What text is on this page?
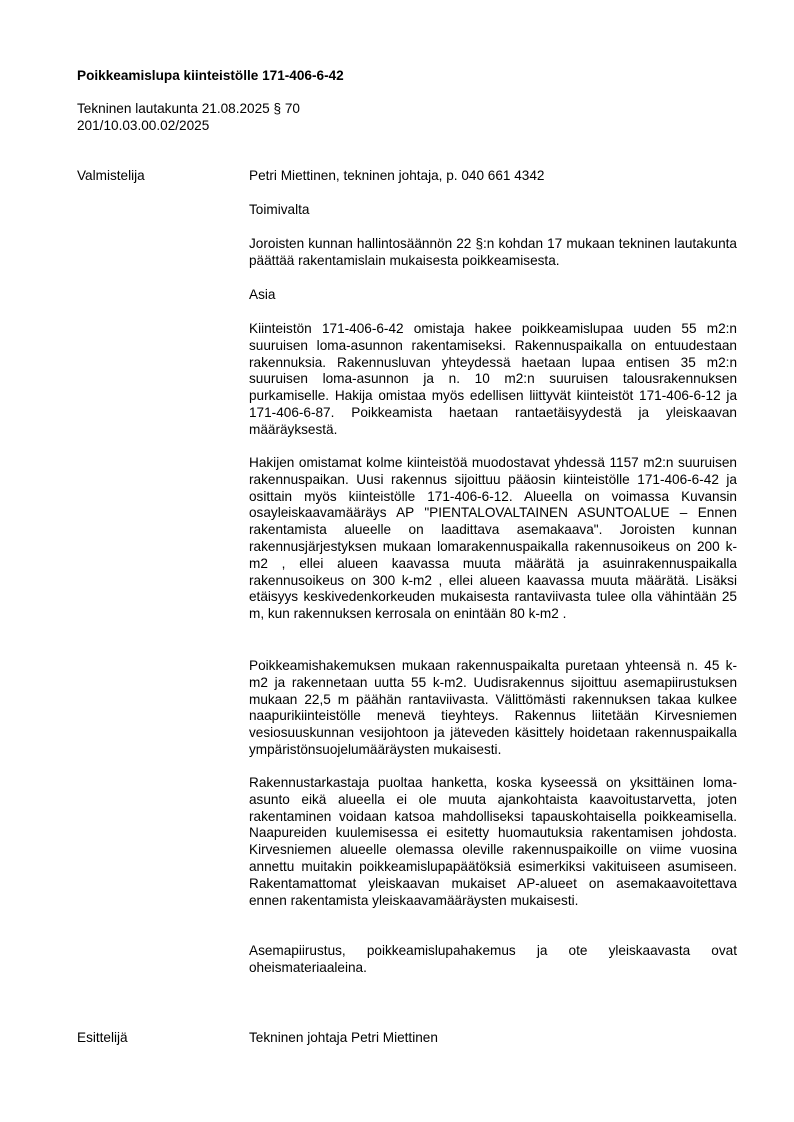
Poikkeamislupa kiinteistölle 171-406-6-42
Tekninen lautakunta 21.08.2025 § 70
201/10.03.00.02/2025
Valmistelija	Petri Miettinen, tekninen johtaja, p. 040 661 4342

Toimivalta

Joroisten kunnan hallintosäännön 22 §:n kohdan 17 mukaan tekninen lautakunta päättää rakentamislain mukaisesta poikkeamisesta.

Asia

Kiinteistön 171-406-6-42 omistaja hakee poikkeamislupaa uuden 55 m2:n suuruisen loma-asunnon rakentamiseksi. Rakennuspaikalla on entuudestaan rakennuksia. Rakennusluvan yhteydessä haetaan lupaa entisen 35 m2:n suuruisen loma-asunnon ja n. 10 m2:n suuruisen talousrakennuksen purkamiselle. Hakija omistaa myös edellisen liittyvät kiinteistöt 171-406-6-12 ja 171-406-6-87. Poikkeamista haetaan rantaetäisyydestä ja yleiskaavan määräyksestä.

Hakijen omistamat kolme kiinteistöä muodostavat yhdessä 1157 m2:n suuruisen rakennuspaikan. Uusi rakennus sijoittuu pääosin kiinteistölle 171-406-6-42 ja osittain myös kiinteistölle 171-406-6-12. Alueella on voimassa Kuvansin osayleiskaavamääräys AP "PIENTALOVALTAINEN ASUNTOALUE – Ennen rakentamista alueelle on laadittava asemakaava". Joroisten kunnan rakennusjärjestyksen mukaan lomarakennuspaikalla rakennusoikeus on 200 k-m2 , ellei alueen kaavassa muuta määrätä ja asuinrakennuspaikalla rakennusoikeus on 300 k-m2 , ellei alueen kaavassa muuta määrätä. Lisäksi etäisyys keskivedenkorkeuden mukaisesta rantaviivasta tulee olla vähintään 25 m, kun rakennuksen kerrosala on enintään 80 k-m2 .

Poikkeamishakemuksen mukaan rakennuspaikalta puretaan yhteensä n. 45 k-m2 ja rakennetaan uutta 55 k-m2. Uudisrakennus sijoittuu asemapiirustuksen mukaan 22,5 m päähän rantaviivasta. Välittömästi rakennuksen takaa kulkee naapurikiinteistölle menevä tieyhteys. Rakennus liitetään Kirvesniemen vesiosuuskunnan vesijohtoon ja jäteveden käsittely hoidetaan rakennuspaikalla ympäristönsuojelumääräysten mukaisesti.

Rakennustarkastaja puoltaa hanketta, koska kyseessä on yksittäinen loma-asunto eikä alueella ei ole muuta ajankohtaista kaavoitustarvetta, joten rakentaminen voidaan katsoa mahdolliseksi tapauskohtaisella poikkeamisella. Naapureiden kuulemisessa ei esitetty huomautuksia rakentamisen johdosta. Kirvesniemen alueelle olemassa oleville rakennuspaikoille on viime vuosina annettu muitakin poikkeamislupapäätöksiä esimerkiksi vakituiseen asumiseen. Rakentamattomat yleiskaavan mukaiset AP-alueet on asemakaavoitettava ennen rakentamista yleiskaavamääräysten mukaisesti.

Asemapiirustus, poikkeamislupahakemus ja ote yleiskaavasta ovat oheismateriaaleina.

Esittelijä	Tekninen johtaja Petri Miettinen
